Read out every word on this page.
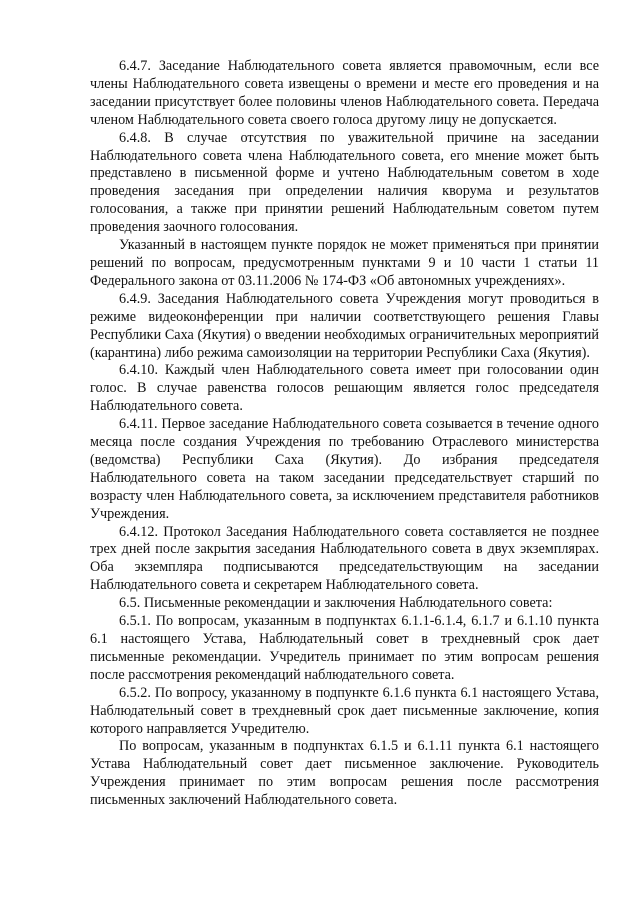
6.4.7. Заседание Наблюдательного совета является правомочным, если все члены Наблюдательного совета извещены о времени и месте его проведения и на заседании присутствует более половины членов Наблюдательного совета. Передача членом Наблюдательного совета своего голоса другому лицу не допускается.

6.4.8. В случае отсутствия по уважительной причине на заседании Наблюдательного совета члена Наблюдательного совета, его мнение может быть представлено в письменной форме и учтено Наблюдательным советом в ходе проведения заседания при определении наличия кворума и результатов голосования, а также при принятии решений Наблюдательным советом путем проведения заочного голосования.

Указанный в настоящем пункте порядок не может применяться при принятии решений по вопросам, предусмотренным пунктами 9 и 10 части 1 статьи 11 Федерального закона от 03.11.2006 № 174-ФЗ «Об автономных учреждениях».

6.4.9. Заседания Наблюдательного совета Учреждения могут проводиться в режиме видеоконференции при наличии соответствующего решения Главы Республики Саха (Якутия) о введении необходимых ограничительных мероприятий (карантина) либо режима самоизоляции на территории Республики Саха (Якутия).

6.4.10. Каждый член Наблюдательного совета имеет при голосовании один голос. В случае равенства голосов решающим является голос председателя Наблюдательного совета.

6.4.11. Первое заседание Наблюдательного совета созывается в течение одного месяца после создания Учреждения по требованию Отраслевого министерства (ведомства) Республики Саха (Якутия). До избрания председателя Наблюдательного совета на таком заседании председательствует старший по возрасту член Наблюдательного совета, за исключением представителя работников Учреждения.

6.4.12. Протокол Заседания Наблюдательного совета составляется не позднее трех дней после закрытия заседания Наблюдательного совета в двух экземплярах. Оба экземпляра подписываются председательствующим на заседании Наблюдательного совета и секретарем Наблюдательного совета.

6.5. Письменные рекомендации и заключения Наблюдательного совета:

6.5.1. По вопросам, указанным в подпунктах 6.1.1-6.1.4, 6.1.7 и 6.1.10 пункта 6.1 настоящего Устава, Наблюдательный совет в трехдневный срок дает письменные рекомендации. Учредитель принимает по этим вопросам решения после рассмотрения рекомендаций наблюдательного совета.

6.5.2. По вопросу, указанному в подпункте 6.1.6 пункта 6.1 настоящего Устава, Наблюдательный совет в трехдневный срок дает письменные заключение, копия которого направляется Учредителю.

По вопросам, указанным в подпунктах 6.1.5 и 6.1.11 пункта 6.1 настоящего Устава Наблюдательный совет дает письменное заключение. Руководитель Учреждения принимает по этим вопросам решения после рассмотрения письменных заключений Наблюдательного совета.
